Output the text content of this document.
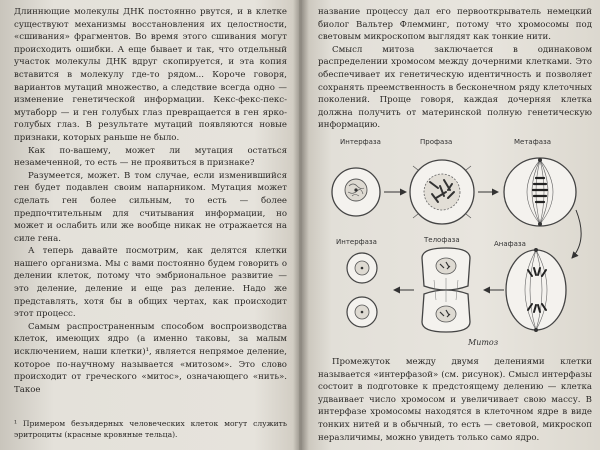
Длиннющие молекулы ДНК постоянно рвутся, и в клетке существуют механизмы восстановления их целостности, «сшивания» фрагментов. Во время этого сшивания могут происходить ошибки. А еще бывает и так, что отдельный участок молекулы ДНК вдруг скопируется, и эта копия вставится в молекулу где-то рядом... Короче говоря, вариантов мутаций множество, а следствие всегда одно — изменение генетической информации. Кекс-фекс-пекс-мутаборр — и ген голубых глаз превращается в ген ярко-голубых глаз. В результате мутаций появляются новые признаки, которых раньше не было.

Как по-вашему, может ли мутация остаться незамеченной, то есть — не проявиться в признаке?

Разумеется, может. В том случае, если изменившийся ген будет подавлен своим напарником. Мутация может сделать ген более сильным, то есть — более предпочтительным для считывания информации, но может и ослабить или же вообще никак не отражается на силе гена.

А теперь давайте посмотрим, как делятся клетки нашего организма. Мы с вами постоянно будем говорить о делении клеток, потому что эмбриональное развитие — это деление, деление и еще раз деление. Надо же представлять, хотя бы в общих чертах, как происходит этот процесс.

Самым распространенным способом воспроизводства клеток, имеющих ядро (а именно таковы, за малым исключением, наши клетки)¹, является непрямое деление, которое по-научному называется «митозом». Это слово происходит от греческого «митос», означающего «нить». Такое

¹ Примером безъядерных человеческих клеток могут служить эритроциты (красные кровяные тельца).

название процессу дал его первооткрыватель немецкий биолог Вальтер Флемминг, потому что хромосомы под световым микроскопом выглядят как тонкие нити.

Смысл митоза заключается в одинаковом распределении хромосом между дочерними клетками. Это обеспечивает их генетическую идентичность и позволяет сохранять преемственность в бесконечном ряду клеточных поколений. Проще говоря, каждая дочерняя клетка должна получить от материнской полную генетическую информацию.

Интерфаза	Профаза	Метафаза
Интерфаза	Телофаза	Анафаза
Митоз

Промежуток между двумя делениями клетки называется «интерфазой» (см. рисунок). Смысл интерфазы состоит в подготовке к предстоящему делению — клетка удваивает число хромосом и увеличивает свою массу. В интерфазе хромосомы находятся в клеточном ядре в виде тонких нитей и в обычный, то есть — световой, микроскоп неразличимы, можно увидеть только само ядро.
